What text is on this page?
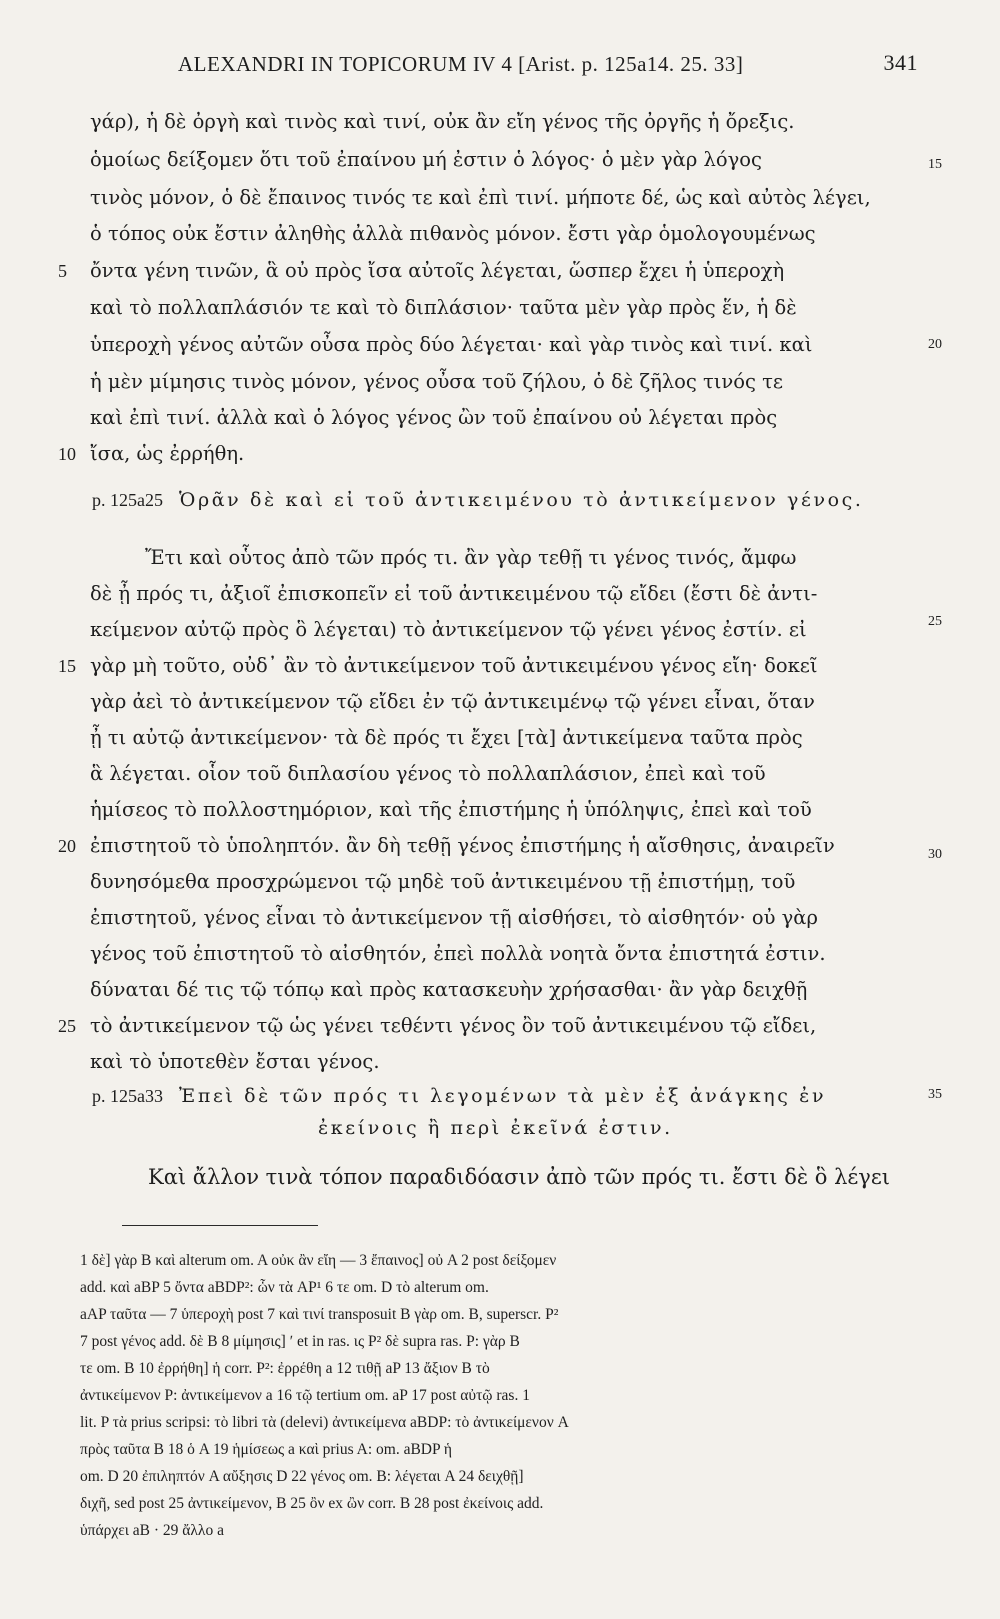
ALEXANDRI IN TOPICORUM IV 4 [Arist. p. 125a14. 25. 33]	341
γάρ), ἡ δὲ ὀργὴ καὶ τινὸς καὶ τινί, οὐκ ἂν εἴη γένος τῆς ὀργῆς ἡ ὄρεξις.
ὁμοίως δείξομεν ὅτι τοῦ ἐπαίνου μή ἐστιν ὁ λόγος· ὁ μὲν γὰρ λόγος
τινὸς μόνον, ὁ δὲ ἔπαινος τινός τε καὶ ἐπὶ τινί. μήποτε δέ, ὡς καὶ αὐτὸς λέγει,
ὁ τόπος οὐκ ἔστιν ἀληθὴς ἀλλὰ πιθανὸς μόνον. ἔστι γὰρ ὁμολογουμένως
ὄντα γένη τινῶν, ἃ οὐ πρὸς ἴσα αὐτοῖς λέγεται, ὥσπερ ἔχει ἡ ὑπεροχὴ
καὶ τὸ πολλαπλάσιόν τε καὶ τὸ διπλάσιον· ταῦτα μὲν γὰρ πρὸς ἕν, ἡ δὲ
ὑπεροχὴ γένος αὐτῶν οὖσα πρὸς δύο λέγεται· καὶ γὰρ τινὸς καὶ τινί. καὶ
ἡ μὲν μίμησις τινὸς μόνον, γένος οὖσα τοῦ ζήλου, ὁ δὲ ζῆλος τινός τε
καὶ ἐπὶ τινί. ἀλλὰ καὶ ὁ λόγος γένος ὢν τοῦ ἐπαίνου οὐ λέγεται πρὸς
ἴσα, ὡς ἐρρήθη.
p. 125a25 Ὁρᾶν δὲ καὶ εἰ τοῦ ἀντικειμένου τὸ ἀντικείμενον γένος.
Ἔτι καὶ οὗτος ἀπὸ τῶν πρός τι. ἂν γὰρ τεθῇ τι γένος τινός, ἄμφω
δὲ ᾖ πρός τι, ἀξιοῖ ἐπισκοπεῖν εἰ τοῦ ἀντικειμένου τῷ εἴδει (ἔστι δὲ ἀντι-
κείμενον αὐτῷ πρὸς ὃ λέγεται) τὸ ἀντικείμενον τῷ γένει γένος ἐστίν. εἰ
γὰρ μὴ τοῦτο, οὐδ᾽ ἂν τὸ ἀντικείμενον τοῦ ἀντικειμένου γένος εἴη· δοκεῖ
γὰρ ἀεὶ τὸ ἀντικείμενον τῷ εἴδει ἐν τῷ ἀντικειμένῳ τῷ γένει εἶναι, ὅταν
ᾖ τι αὐτῷ ἀντικείμενον· τὰ δὲ πρός τι ἔχει [τὰ] ἀντικείμενα ταῦτα πρὸς
ἃ λέγεται. οἷον τοῦ διπλασίου γένος τὸ πολλαπλάσιον, ἐπεὶ καὶ τοῦ
ἡμίσεος τὸ πολλοστημόριον, καὶ τῆς ἐπιστήμης ἡ ὑπόληψις, ἐπεὶ καὶ τοῦ
ἐπιστητοῦ τὸ ὑποληπτόν. ἂν δὴ τεθῇ γένος ἐπιστήμης ἡ αἴσθησις, ἀναιρεῖν
δυνησόμεθα προσχρώμενοι τῷ μηδὲ τοῦ ἀντικειμένου τῇ ἐπιστήμῃ, τοῦ
ἐπιστητοῦ, γένος εἶναι τὸ ἀντικείμενον τῇ αἰσθήσει, τὸ αἰσθητόν· οὐ γὰρ
γένος τοῦ ἐπιστητοῦ τὸ αἰσθητόν, ἐπεὶ πολλὰ νοητὰ ὄντα ἐπιστητά ἐστιν.
δύναται δέ τις τῷ τόπῳ καὶ πρὸς κατασκευὴν χρήσασθαι· ἂν γὰρ δειχθῇ
τὸ ἀντικείμενον τῷ ὡς γένει τεθέντι γένος ὂν τοῦ ἀντικειμένου τῷ εἴδει,
καὶ τὸ ὑποτεθὲν ἔσται γένος.
p. 125a33 Ἐπεὶ δὲ τῶν πρός τι λεγομένων τὰ μὲν ἐξ ἀνάγκης ἐν
ἐκείνοις ἢ περὶ ἐκεῖνά ἐστιν.
Καὶ ἄλλον τινὰ τόπον παραδιδόασιν ἀπὸ τῶν πρός τι. ἔστι δὲ ὃ λέγει
5
10
15
20
25
15
20
25
30
35
1 δὲ] γὰρ B καὶ alterum om. A οὐκ ἂν εἴη — 3 ἔπαινος] οὐ A 2 post δείξομεν
add. καὶ aBP 5 ὄντα aBDP²: ὧν τὰ AP¹ 6 τε om. D τὸ alterum om.
aAP ταῦτα — 7 ὑπεροχὴ post 7 καὶ τινί transposuit B γὰρ om. B, superscr. P²
7 post γένος add. δὲ B 8 μίμησις] ʹ et in ras. ις P² δὲ supra ras. P: γὰρ B
τε om. B 10 ἐρρήθη] ἡ corr. P²: ἐρρέθη a 12 τιθῇ aP 13 ἄξιον B τὸ
ἀντικείμενον P: ἀντικείμενον a 16 τῷ tertium om. aP 17 post αὐτῷ ras. 1
lit. P τὰ prius scripsi: τὸ libri τὰ (delevi) ἀντικείμενα aBDP: τὸ ἀντικείμενον A
πρὸς ταῦτα B 18 ὁ A 19 ἡμίσεως a καὶ prius A: om. aBDP ἡ
om. D 20 ἐπιληπτόν A αὔξησις D 22 γένος om. B: λέγεται A 24 δειχθῇ]
διχῆ, sed post 25 ἀντικείμενον, B 25 ὂν ex ὢν corr. B 28 post ἐκείνοις add.
ὑπάρχει aB · 29 ἄλλο a
